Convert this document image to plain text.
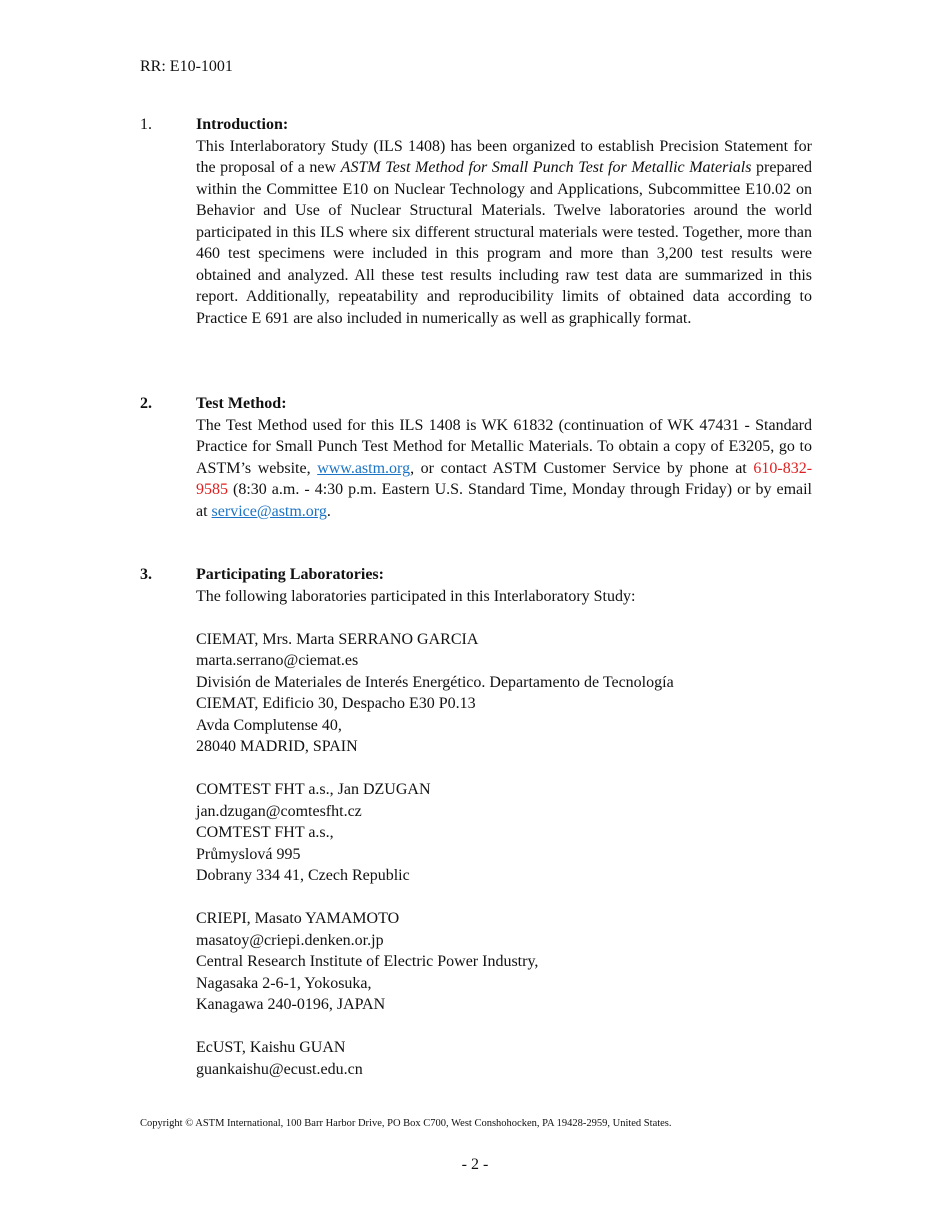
RR: E10-1001
1.	Introduction:
This Interlaboratory Study (ILS 1408) has been organized to establish Precision Statement for the proposal of a new ASTM Test Method for Small Punch Test for Metallic Materials prepared within the Committee E10 on Nuclear Technology and Applications, Subcommittee E10.02 on Behavior and Use of Nuclear Structural Materials. Twelve laboratories around the world participated in this ILS where six different structural materials were tested. Together, more than 460 test specimens were included in this program and more than 3,200 test results were obtained and analyzed. All these test results including raw test data are summarized in this report. Additionally, repeatability and reproducibility limits of obtained data according to Practice E 691 are also included in numerically as well as graphically format.
2.	Test Method:
The Test Method used for this ILS 1408 is WK 61832 (continuation of WK 47431 - Standard Practice for Small Punch Test Method for Metallic Materials. To obtain a copy of E3205, go to ASTM’s website, www.astm.org, or contact ASTM Customer Service by phone at 610-832-9585 (8:30 a.m. - 4:30 p.m. Eastern U.S. Standard Time, Monday through Friday) or by email at service@astm.org.
3.	Participating Laboratories:
The following laboratories participated in this Interlaboratory Study:
CIEMAT, Mrs. Marta SERRANO GARCIA
marta.serrano@ciemat.es
División de Materiales de Interés Energético. Departamento de Tecnología
CIEMAT, Edificio 30, Despacho E30 P0.13
Avda Complutense 40,
28040 MADRID, SPAIN
COMTEST FHT a.s., Jan DZUGAN
jan.dzugan@comtesfht.cz
COMTEST FHT a.s.,
Průmyslová 995
Dobrany 334 41, Czech Republic
CRIEPI, Masato YAMAMOTO
masatoy@criepi.denken.or.jp
Central Research Institute of Electric Power Industry,
Nagasaka 2-6-1, Yokosuka,
Kanagawa 240-0196, JAPAN
EcUST, Kaishu GUAN
guankaishu@ecust.edu.cn
Copyright © ASTM International, 100 Barr Harbor Drive, PO Box C700, West Conshohocken, PA 19428-2959, United States.
- 2 -
